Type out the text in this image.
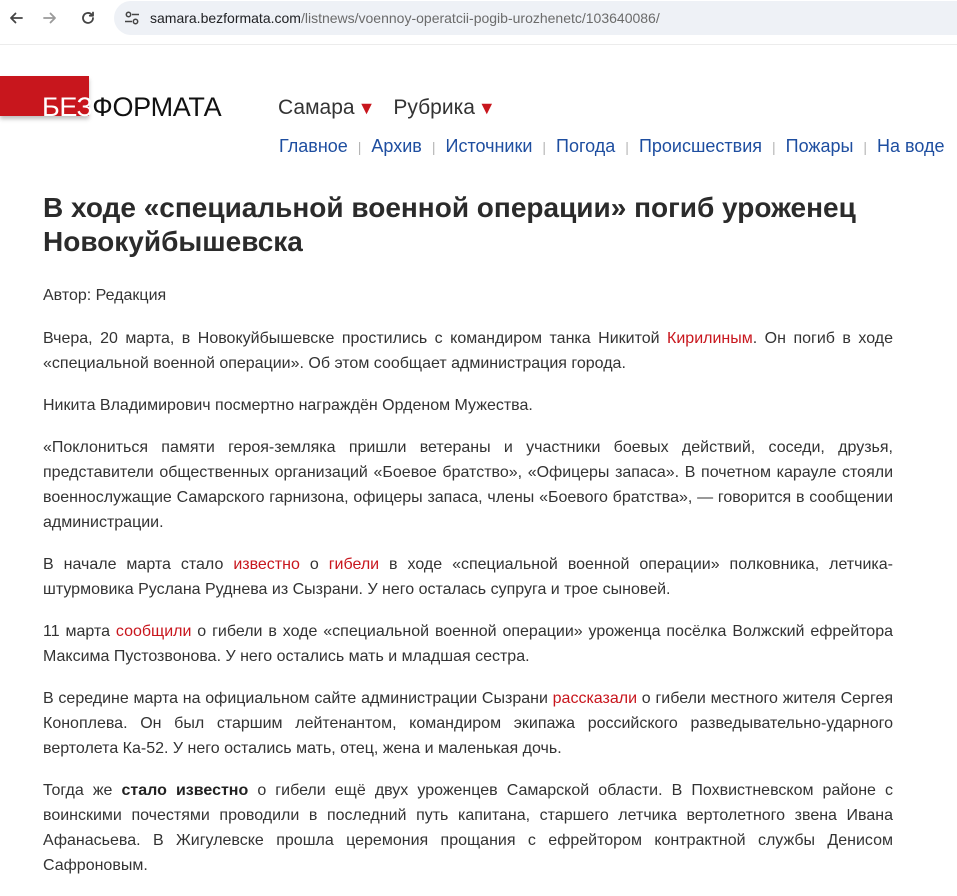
samara.bezformata.com/listnews/voennoy-operatcii-pogib-urozhenetc/103640086/
БЕЗФОРМАТА	Самара ▼ Рубрика ▼
Главное | Архив | Источники | Погода | Происшествия | Пожары | На воде
В ходе «специальной военной операции» погиб уроженец Новокуйбышевска
Автор: Редакция

Вчера, 20 марта, в Новокуйбышевске простились с командиром танка Никитой Кирилиным. Он погиб в ходе «специальной военной операции». Об этом сообщает администрация города.

Никита Владимирович посмертно награждён Орденом Мужества.

«Поклониться памяти героя-земляка пришли ветераны и участники боевых действий, соседи, друзья, представители общественных организаций «Боевое братство», «Офицеры запаса». В почетном карауле стояли военнослужащие Самарского гарнизона, офицеры запаса, члены «Боевого братства», — говорится в сообщении администрации.

В начале марта стало известно о гибели в ходе «специальной военной операции» полковника, летчика-штурмовика Руслана Руднева из Сызрани. У него осталась супруга и трое сыновей.

11 марта сообщили о гибели в ходе «специальной военной операции» уроженца посёлка Волжский ефрейтора Максима Пустозвонова. У него остались мать и младшая сестра.

В середине марта на официальном сайте администрации Сызрани рассказали о гибели местного жителя Сергея Коноплева. Он был старшим лейтенантом, командиром экипажа российского разведывательно-ударного вертолета Ка-52. У него остались мать, отец, жена и маленькая дочь.

Тогда же стало известно о гибели ещё двух уроженцев Самарской области. В Похвистневском районе с воинскими почестями проводили в последний путь капитана, старшего летчика вертолетного звена Ивана Афанасьева. В Жигулевске прошла церемония прощания с ефрейтором контрактной службы Денисом Сафроновым.
